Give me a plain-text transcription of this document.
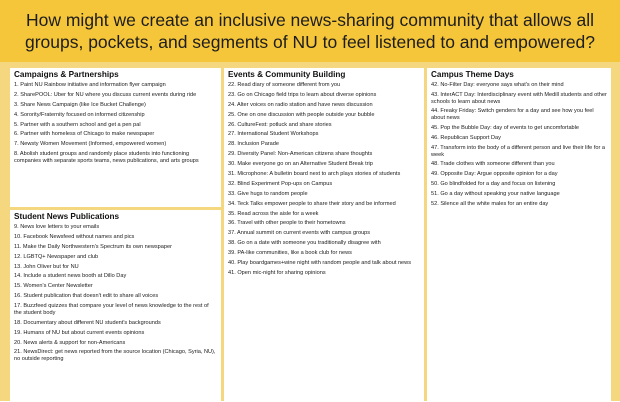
How might we create an inclusive news-sharing community that allows all groups, pockets, and segments of NU to feel listened to and empowered?
Campaigns & Partnerships
1. Paint NU Rainbow initiative and information flyer campaign
2. SharePOOL: Uber for NU where you discuss current events during ride
3. Share News Campaign (like Ice Bucket Challenge)
4. Sorority/Fraternity focused on informed citizenship
5. Partner with a southern school and get a pen pal
6. Partner with homeless of Chicago to make newspaper
7. Newsty Women Movement (Informed, empowered women)
8. Abolish student groups and randomly place students into functioning companies with separate sports teams, news publications, and arts groups
Student News Publications
9. News love letters to your emails
10. Facebook Newsfeed without names and pics
11. Make the Daily Northwestern's Spectrum its own newspaper
12. LGBTQ+ Newspaper and club
13. John Oliver but for NU
14. Include a student news booth at Dillo Day
15. Women's Center Newsletter
16. Student publication that doesn't edit to share all voices
17. Buzzfeed quizzes that compare your level of news knowledge to the rest of the student body
18. Documentary about different NU student's backgrounds
19. Humans of NU but about current events opinions
20. News alerts & support for non-Americans
21. NewsDirect: get news reported from the source location (Chicago, Syria, NU), no outside reporting
Events & Community Building
22. Read diary of someone different from you
23. Go on Chicago field trips to learn about diverse opinions
24. Alter voices on radio station and have news discussion
25. One on one discussion with people outside your bubble
26. CultureFest: potluck and share stories
27. International Student Workshops
28. Inclusion Parade
29. Diversity Panel: Non-American citizens share thoughts
30. Make everyone go on an Alternative Student Break trip
31. Microphone: A bulletin board next to arch plays stories of students
32. Blind Experiment Pop-ups on Campus
33. Give hugs to random people
34. Teck Talks empower people to share their story and be informed
35. Read across the aisle for a week
36. Travel with other people to their hometowns
37. Annual summit on current events with campus groups
38. Go on a date with someone you traditionally disagree with
39. PA-like communities, like a book club for news
40. Play boardgames+wine night with random people and talk about news
41. Open mic-night for sharing opinions
Campus Theme Days
42. No-Filter Day: everyone says what's on their mind
43. InterACT Day: Interdisciplinary event with Medill students and other schools to learn about news
44. Freaky Friday: Switch genders for a day and see how you feel about news
45. Pop the Bubble Day: day of events to get uncomfortable
46. Republican Support Day
47. Transform into the body of a different person and live their life for a week
48. Trade clothes with someone different than you
49. Opposite Day: Argue opposite opinion for a day
50. Go blindfolded for a day and focus on listening
51. Go a day without speaking your native language
52. Silence all the white males for an entire day
